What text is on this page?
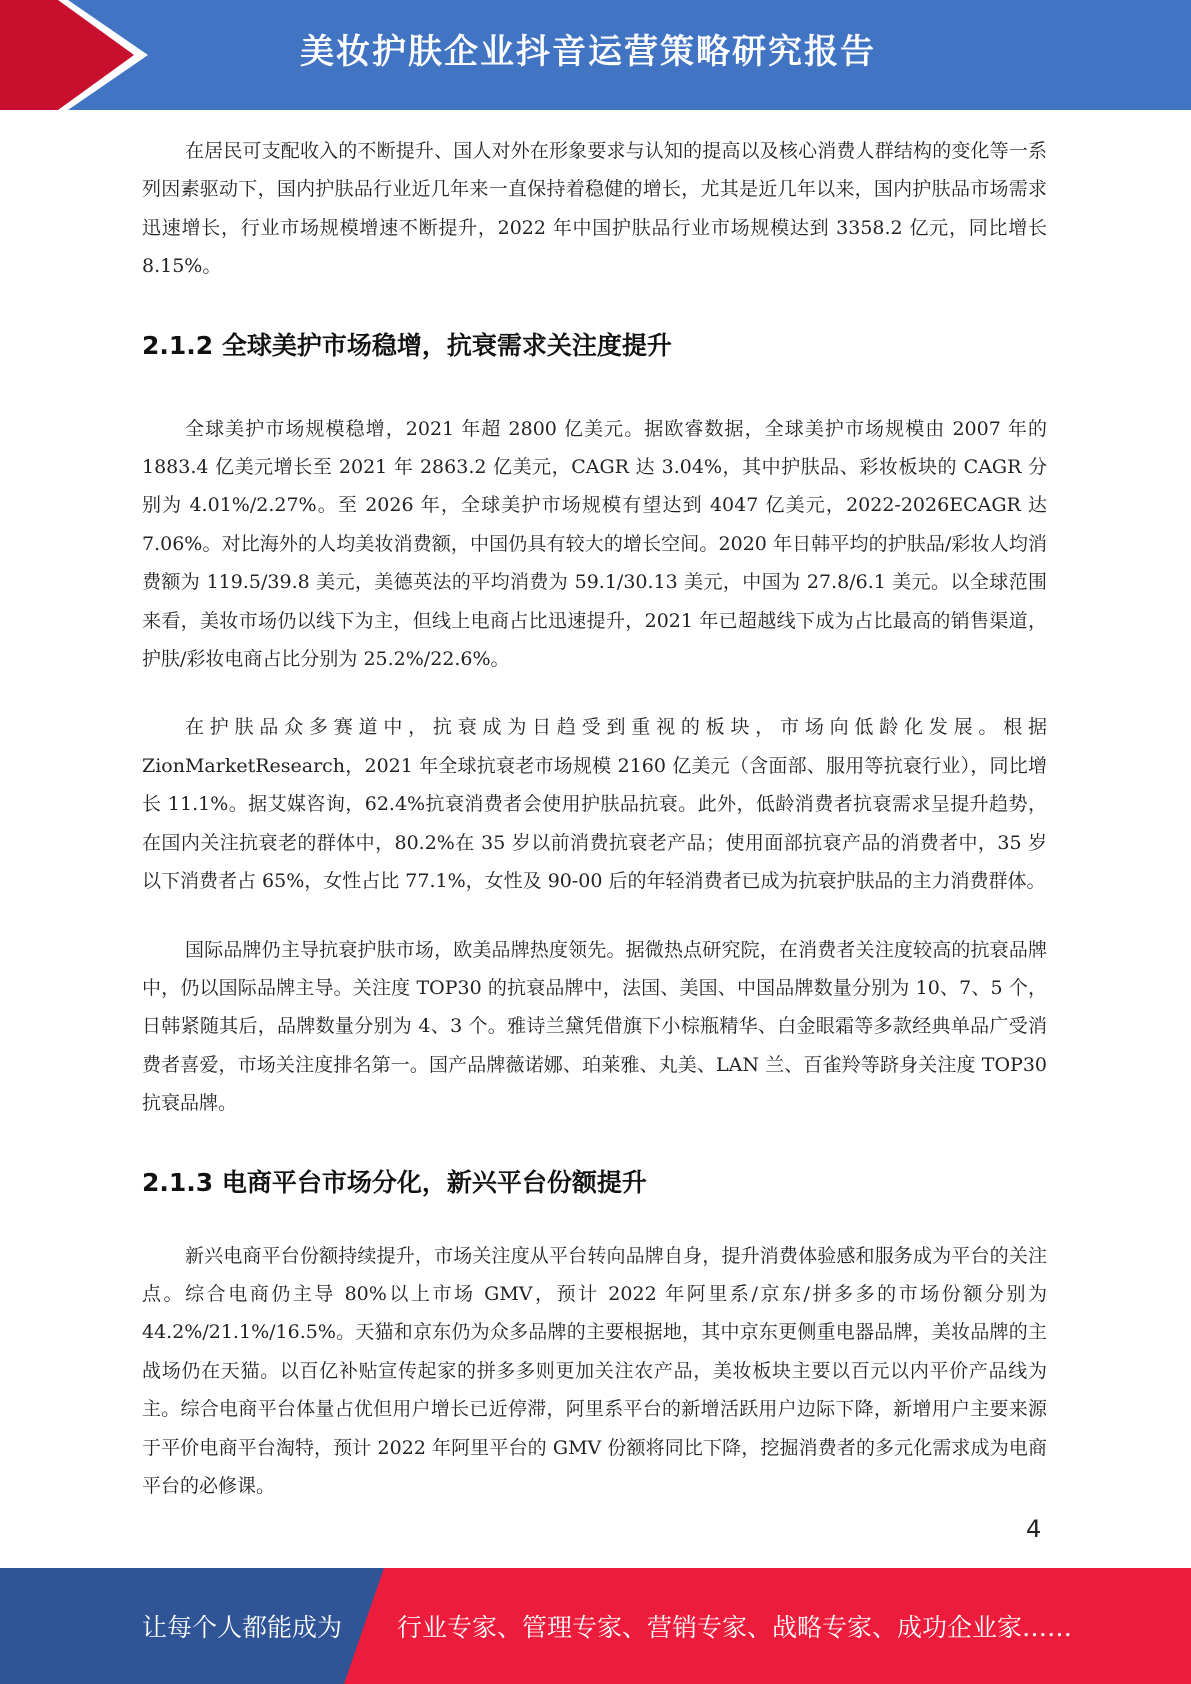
美妆护肤企业抖音运营策略研究报告

在居民可支配收入的不断提升、国人对外在形象要求与认知的提高以及核心消费人群结构的变化等一系列因素驱动下，国内护肤品行业近几年来一直保持着稳健的增长，尤其是近几年以来，国内护肤品市场需求迅速增长，行业市场规模增速不断提升，2022 年中国护肤品行业市场规模达到 3358.2 亿元，同比增长 8.15%。

2.1.2 全球美护市场稳增，抗衰需求关注度提升

全球美护市场规模稳增，2021 年超 2800 亿美元。据欧睿数据，全球美护市场规模由 2007 年的 1883.4 亿美元增长至 2021 年 2863.2 亿美元，CAGR 达 3.04%，其中护肤品、彩妆板块的 CAGR 分别为 4.01%/2.27%。至 2026 年，全球美护市场规模有望达到 4047 亿美元，2022-2026ECAGR 达 7.06%。对比海外的人均美妆消费额，中国仍具有较大的增长空间。2020 年日韩平均的护肤品/彩妆人均消费额为 119.5/39.8 美元，美德英法的平均消费为 59.1/30.13 美元，中国为 27.8/6.1 美元。以全球范围来看，美妆市场仍以线下为主，但线上电商占比迅速提升，2021 年已超越线下成为占比最高的销售渠道，护肤/彩妆电商占比分别为 25.2%/22.6%。

在护肤品众多赛道中，抗衰成为日趋受到重视的板块，市场向低龄化发展。根据 ZionMarketResearch，2021 年全球抗衰老市场规模 2160 亿美元（含面部、服用等抗衰行业），同比增长 11.1%。据艾媒咨询，62.4%抗衰消费者会使用护肤品抗衰。此外，低龄消费者抗衰需求呈提升趋势，在国内关注抗衰老的群体中，80.2%在 35 岁以前消费抗衰老产品；使用面部抗衰产品的消费者中，35 岁以下消费者占 65%，女性占比 77.1%，女性及 90-00 后的年轻消费者已成为抗衰护肤品的主力消费群体。

国际品牌仍主导抗衰护肤市场，欧美品牌热度领先。据微热点研究院，在消费者关注度较高的抗衰品牌中，仍以国际品牌主导。关注度 TOP30 的抗衰品牌中，法国、美国、中国品牌数量分别为 10、7、5 个，日韩紧随其后，品牌数量分别为 4、3 个。雅诗兰黛凭借旗下小棕瓶精华、白金眼霜等多款经典单品广受消费者喜爱，市场关注度排名第一。国产品牌薇诺娜、珀莱雅、丸美、LAN 兰、百雀羚等跻身关注度 TOP30 抗衰品牌。

2.1.3 电商平台市场分化，新兴平台份额提升

新兴电商平台份额持续提升，市场关注度从平台转向品牌自身，提升消费体验感和服务成为平台的关注点。综合电商仍主导 80%以上市场 GMV，预计 2022 年阿里系/京东/拼多多的市场份额分别为 44.2%/21.1%/16.5%。天猫和京东仍为众多品牌的主要根据地，其中京东更侧重电器品牌，美妆品牌的主战场仍在天猫。以百亿补贴宣传起家的拼多多则更加关注农产品，美妆板块主要以百元以内平价产品线为主。综合电商平台体量占优但用户增长已近停滞，阿里系平台的新增活跃用户边际下降，新增用户主要来源于平价电商平台淘特，预计 2022 年阿里平台的 GMV 份额将同比下降，挖掘消费者的多元化需求成为电商平台的必修课。

4
让每个人都能成为 行业专家、管理专家、营销专家、战略专家、成功企业家……
